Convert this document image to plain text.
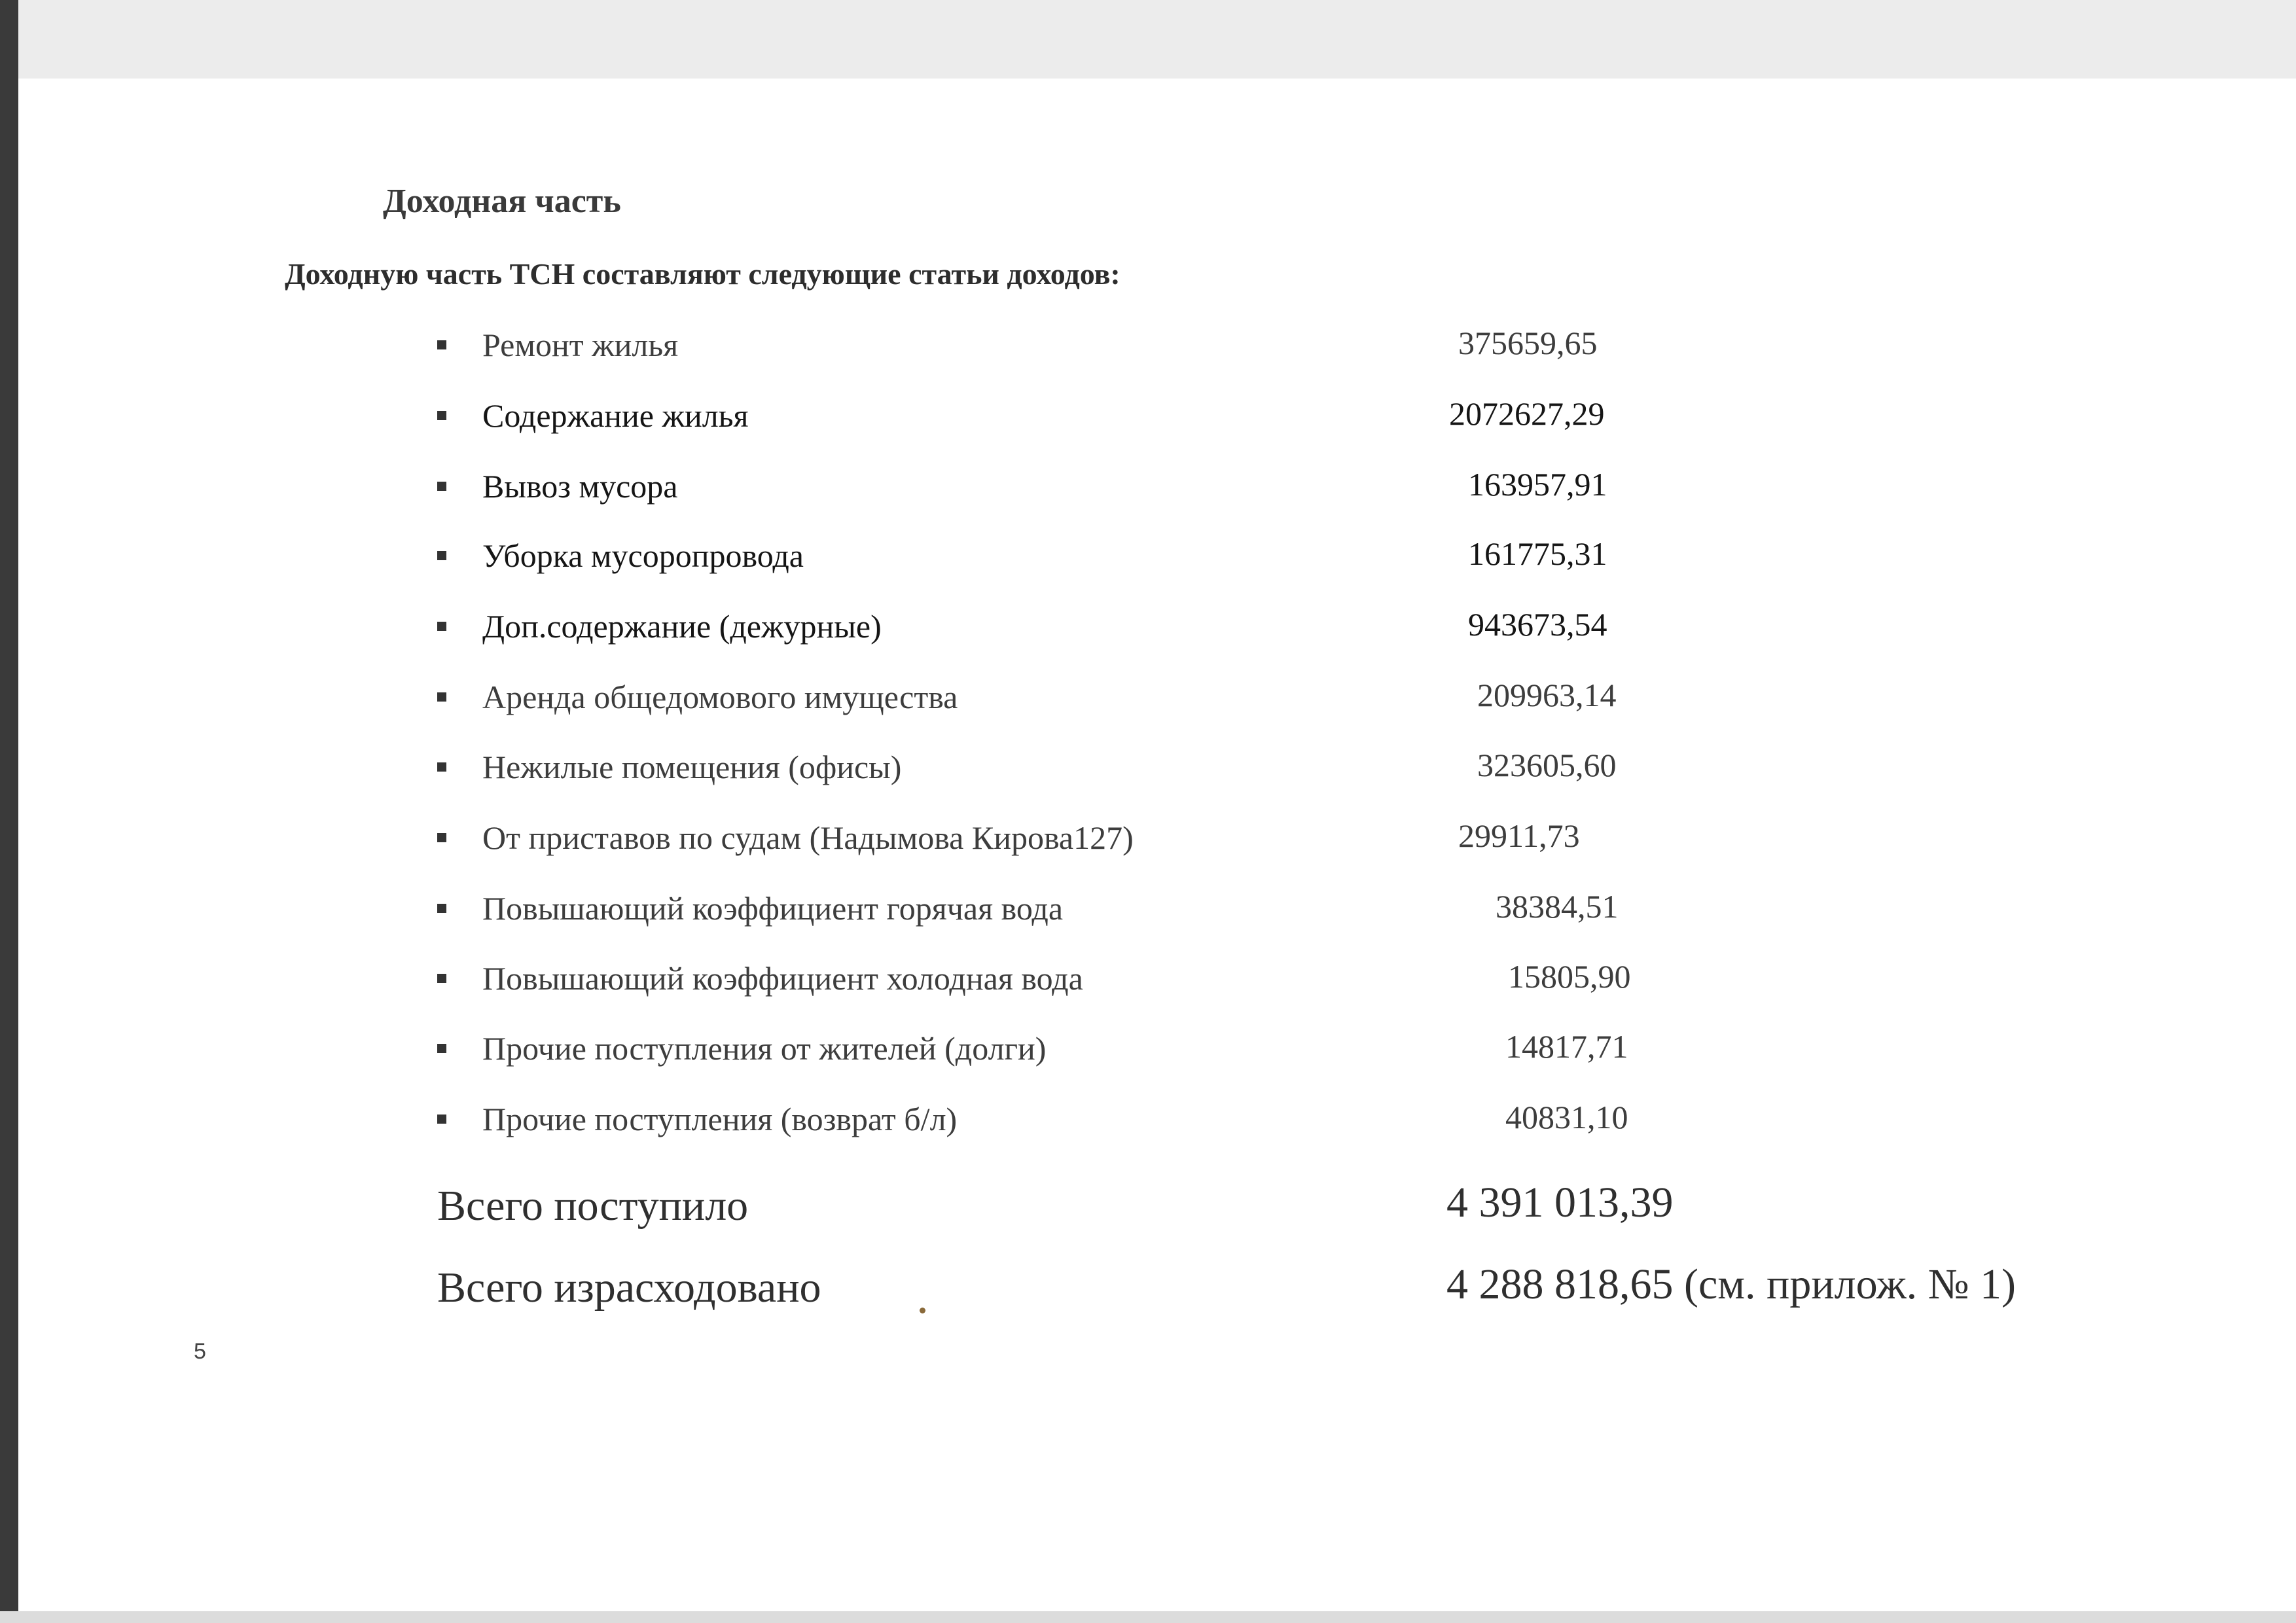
Доходная часть
Доходную часть ТСН составляют следующие статьи доходов:
Ремонт жилья	375659,65
Содержание жилья	2072627,29
Вывоз мусора	163957,91
Уборка мусоропровода	161775,31
Доп.содержание (дежурные)	943673,54
Аренда общедомового имущества	209963,14
Нежилые помещения (офисы)	323605,60
От приставов по судам (Надымова Кирова127)	29911,73
Повышающий коэффициент горячая вода	38384,51
Повышающий коэффициент холодная вода	15805,90
Прочие поступления от жителей (долги)	14817,71
Прочие поступления (возврат б/л)	40831,10
Всего поступило	4 391 013,39
Всего израсходовано	4 288 818,65 (см. прилож. № 1)
5
